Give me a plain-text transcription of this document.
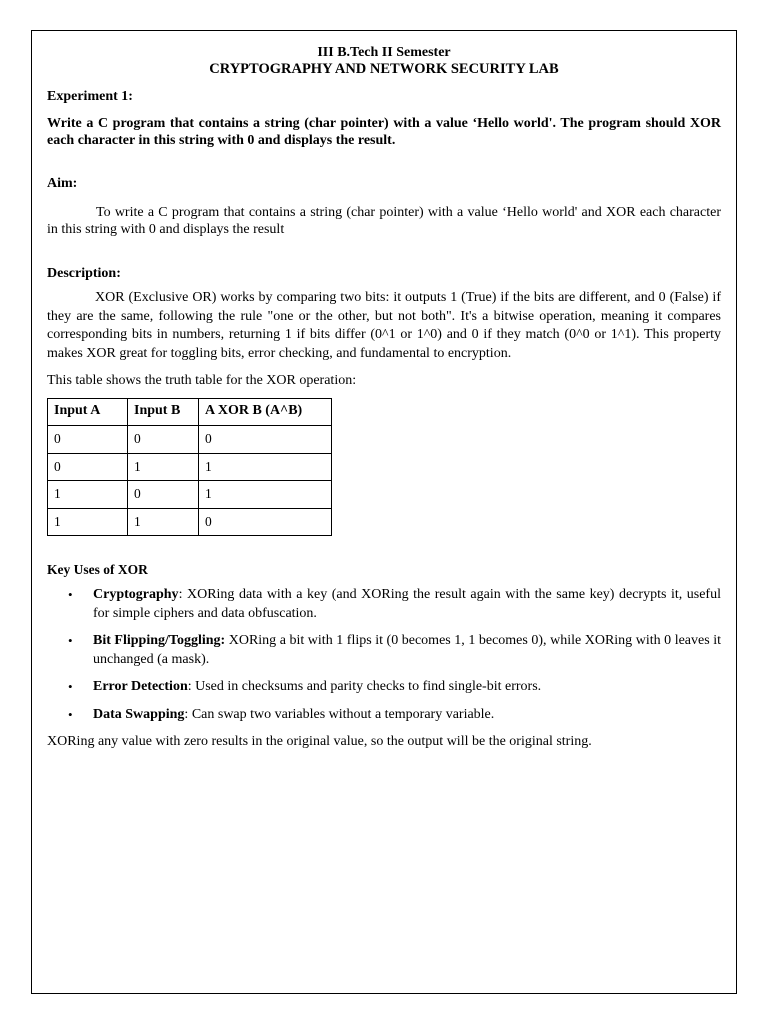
III B.Tech II Semester
CRYPTOGRAPHY AND NETWORK SECURITY LAB

Experiment 1:

Write a C program that contains a string (char pointer) with a value ‘Hello world'. The program should XOR each character in this string with 0 and displays the result.

Aim:

To write a C program that contains a string (char pointer) with a value ‘Hello world' and XOR each character in this string with 0 and displays the result

Description:

XOR (Exclusive OR) works by comparing two bits: it outputs 1 (True) if the bits are different, and 0 (False) if they are the same, following the rule "one or the other, but not both". It's a bitwise operation, meaning it compares corresponding bits in numbers, returning 1 if bits differ (0^1 or 1^0) and 0 if they match (0^0 or 1^1). This property makes XOR great for toggling bits, error checking, and fundamental to encryption.

This table shows the truth table for the XOR operation:

Input A	Input B	A XOR B (A^B)
0	0	0
0	1	1
1	0	1
1	1	0

Key Uses of XOR

• Cryptography: XORing data with a key (and XORing the result again with the same key) decrypts it, useful for simple ciphers and data obfuscation.
• Bit Flipping/Toggling: XORing a bit with 1 flips it (0 becomes 1, 1 becomes 0), while XORing with 0 leaves it unchanged (a mask).
• Error Detection: Used in checksums and parity checks to find single-bit errors.
• Data Swapping: Can swap two variables without a temporary variable.

XORing any value with zero results in the original value, so the output will be the original string.
